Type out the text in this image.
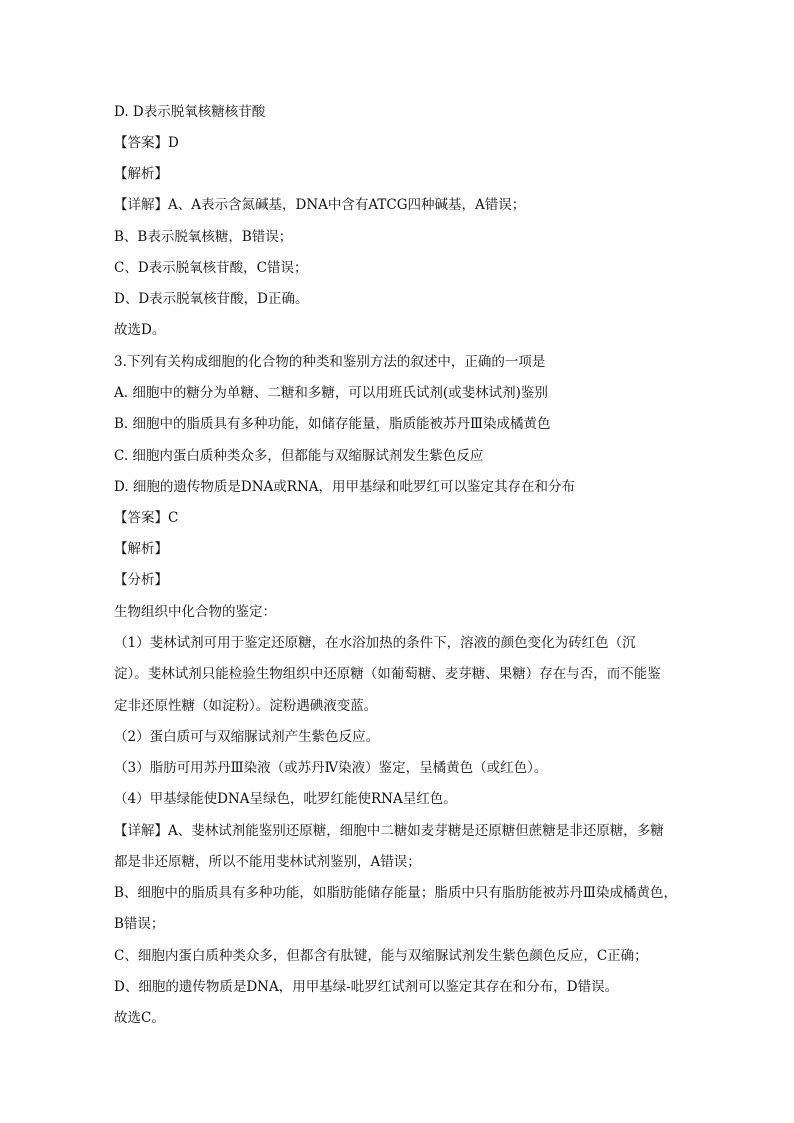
D. D表示脱氧核糖核苷酸
【答案】D
【解析】
【详解】A、A表示含氮碱基，DNA中含有ATCG四种碱基，A错误；
B、B表示脱氧核糖，B错误；
C、D表示脱氧核苷酸，C错误；
D、D表示脱氧核苷酸，D正确。
故选D。
3.下列有关构成细胞的化合物的种类和鉴别方法的叙述中，正确的一项是
A. 细胞中的糖分为单糖、二糖和多糖，可以用班氏试剂(或斐林试剂)鉴别
B. 细胞中的脂质具有多种功能，如储存能量，脂质能被苏丹Ⅲ染成橘黄色
C. 细胞内蛋白质种类众多，但都能与双缩脲试剂发生紫色反应
D. 细胞的遗传物质是DNA或RNA，用甲基绿和吡罗红可以鉴定其存在和分布
【答案】C
【解析】
【分析】
生物组织中化合物的鉴定：
（1）斐林试剂可用于鉴定还原糖，在水浴加热的条件下，溶液的颜色变化为砖红色（沉
淀）。斐林试剂只能检验生物组织中还原糖（如葡萄糖、麦芽糖、果糖）存在与否，而不能鉴
定非还原性糖（如淀粉）。淀粉遇碘液变蓝。
（2）蛋白质可与双缩脲试剂产生紫色反应。
（3）脂肪可用苏丹Ⅲ染液（或苏丹Ⅳ染液）鉴定，呈橘黄色（或红色）。
（4）甲基绿能使DNA呈绿色，吡罗红能使RNA呈红色。
【详解】A、斐林试剂能鉴别还原糖，细胞中二糖如麦芽糖是还原糖但蔗糖是非还原糖，多糖
都是非还原糖，所以不能用斐林试剂鉴别，A错误；
B、细胞中的脂质具有多种功能，如脂肪能储存能量；脂质中只有脂肪能被苏丹Ⅲ染成橘黄色，
B错误；
C、细胞内蛋白质种类众多，但都含有肽键，能与双缩脲试剂发生紫色颜色反应，C正确；
D、细胞的遗传物质是DNA，用甲基绿-吡罗红试剂可以鉴定其存在和分布，D错误。
故选C。
